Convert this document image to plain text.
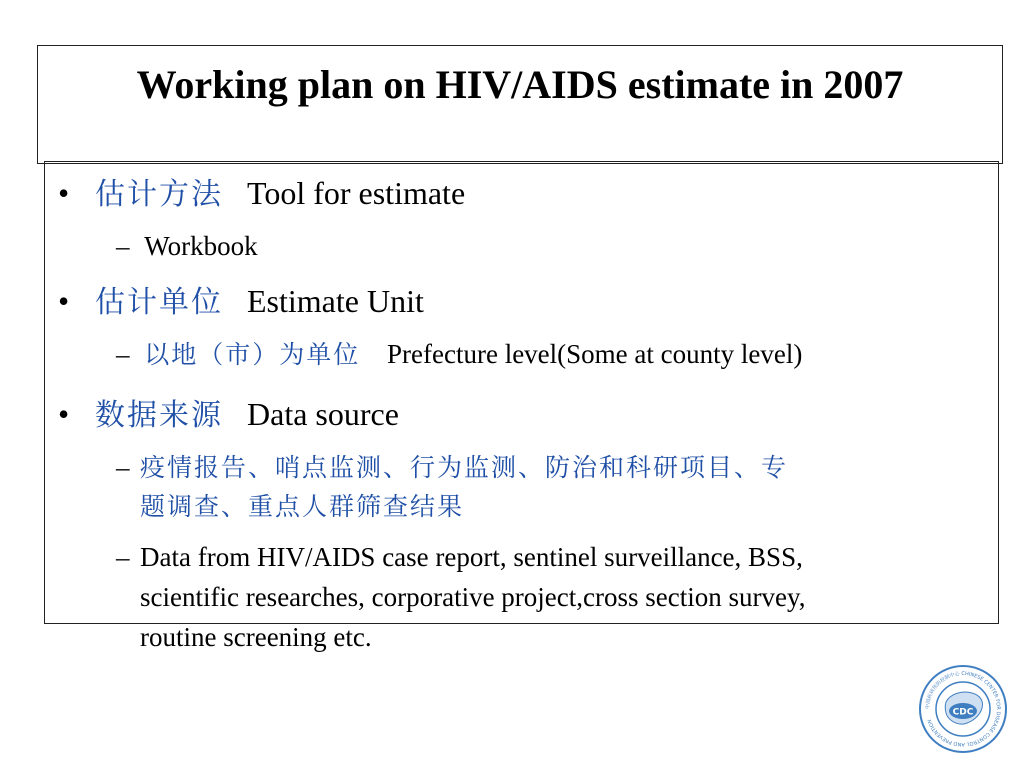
Working plan on HIV/AIDS estimate in 2007
• 估计方法 Tool for estimate
– Workbook
• 估计单位 Estimate Unit
– 以地（市）为单位 Prefecture level(Some at county level)
• 数据来源 Data source
– 疫情报告、哨点监测、行为监测、防治和科研项目、专
题调查、重点人群筛查结果
– Data from HIV/AIDS case report, sentinel surveillance, BSS,
scientific researches, corporative project,cross section survey,
routine screening etc.
中国疾病预防控制中心 CHINESE CENTER FOR DISEASE CONTROL AND PREVENTION
CDC
